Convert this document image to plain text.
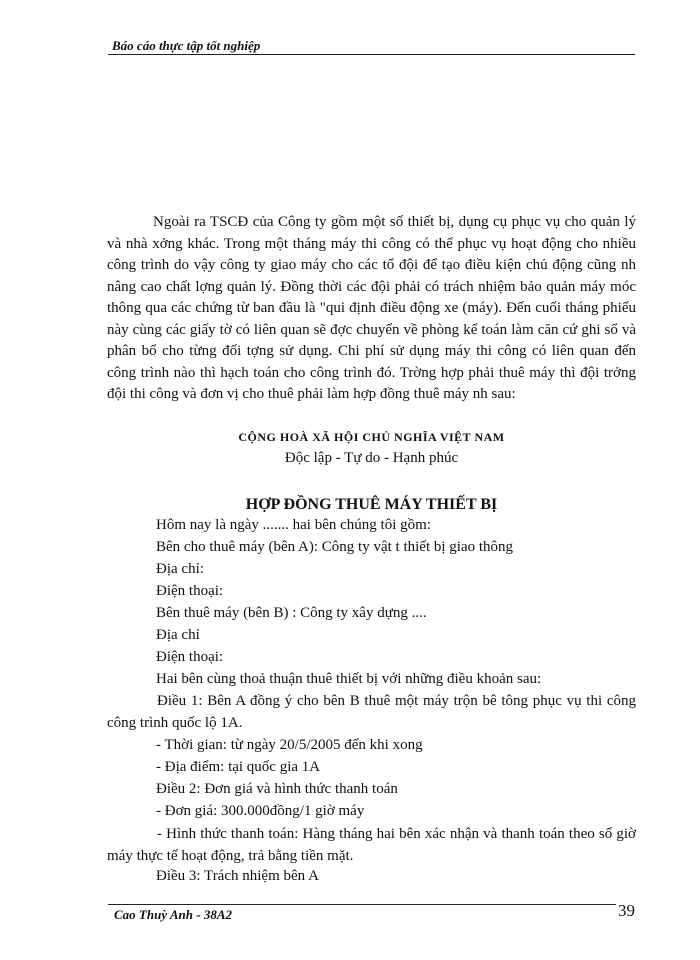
Báo cáo thực tập tốt nghiệp

Ngoài ra TSCĐ của Công ty gồm một số thiết bị, dụng cụ phục vụ cho quản lý và nhà xởng khác. Trong một tháng máy thi công có thể phục vụ hoạt động cho nhiều công trình do vậy công ty giao máy cho các tổ đội để tạo điều kiện chủ động cũng nh nâng cao chất lợng quản lý. Đồng thời các đội phải có trách nhiệm bảo quản máy móc thông qua các chứng từ ban đầu là "qui định điều động xe (máy). Đến cuối tháng phiếu này cùng các giấy tờ có liên quan sẽ đợc chuyển về phòng kế toán làm căn cứ ghi sổ và phân bổ cho từng đối tợng sử dụng. Chi phí sử dụng máy thi công có liên quan đến công trình nào thì hạch toán cho công trình đó. Trờng hợp phải thuê máy thì đội trởng đội thi công và đơn vị cho thuê phải làm hợp đồng thuê máy nh sau:

CỘNG HOÀ XÃ HỘI CHỦ NGHĨA VIỆT NAM

Độc lập - Tự do - Hạnh phúc

HỢP ĐỒNG THUÊ MÁY THIẾT BỊ

Hôm nay là ngày ....... hai bên chúng tôi gồm:
Bên cho thuê máy (bên A): Công ty vật t thiết bị giao thông
Địa chỉ:
Điện thoại:
Bên thuê máy (bên B) : Công ty xây dựng ....
Địa chỉ
Điện thoại:
Hai bên cùng thoả thuận thuê thiết bị với những điều khoản sau:

Điều 1: Bên A đồng ý cho bên B thuê một máy trộn bê tông phục vụ thi công công trình quốc lộ 1A.

- Thời gian: từ ngày 20/5/2005 đến khi xong
- Địa điểm: tại quốc gia 1A
Điều 2: Đơn giá và hình thức thanh toán
- Đơn giá: 300.000đồng/1 giờ máy

- Hình thức thanh toán: Hàng tháng hai bên xác nhận và thanh toán theo số giờ máy thực tế hoạt động, trả bằng tiền mặt.

Điều 3: Trách nhiệm bên A
Cao Thuỳ Anh - 38A2	39
